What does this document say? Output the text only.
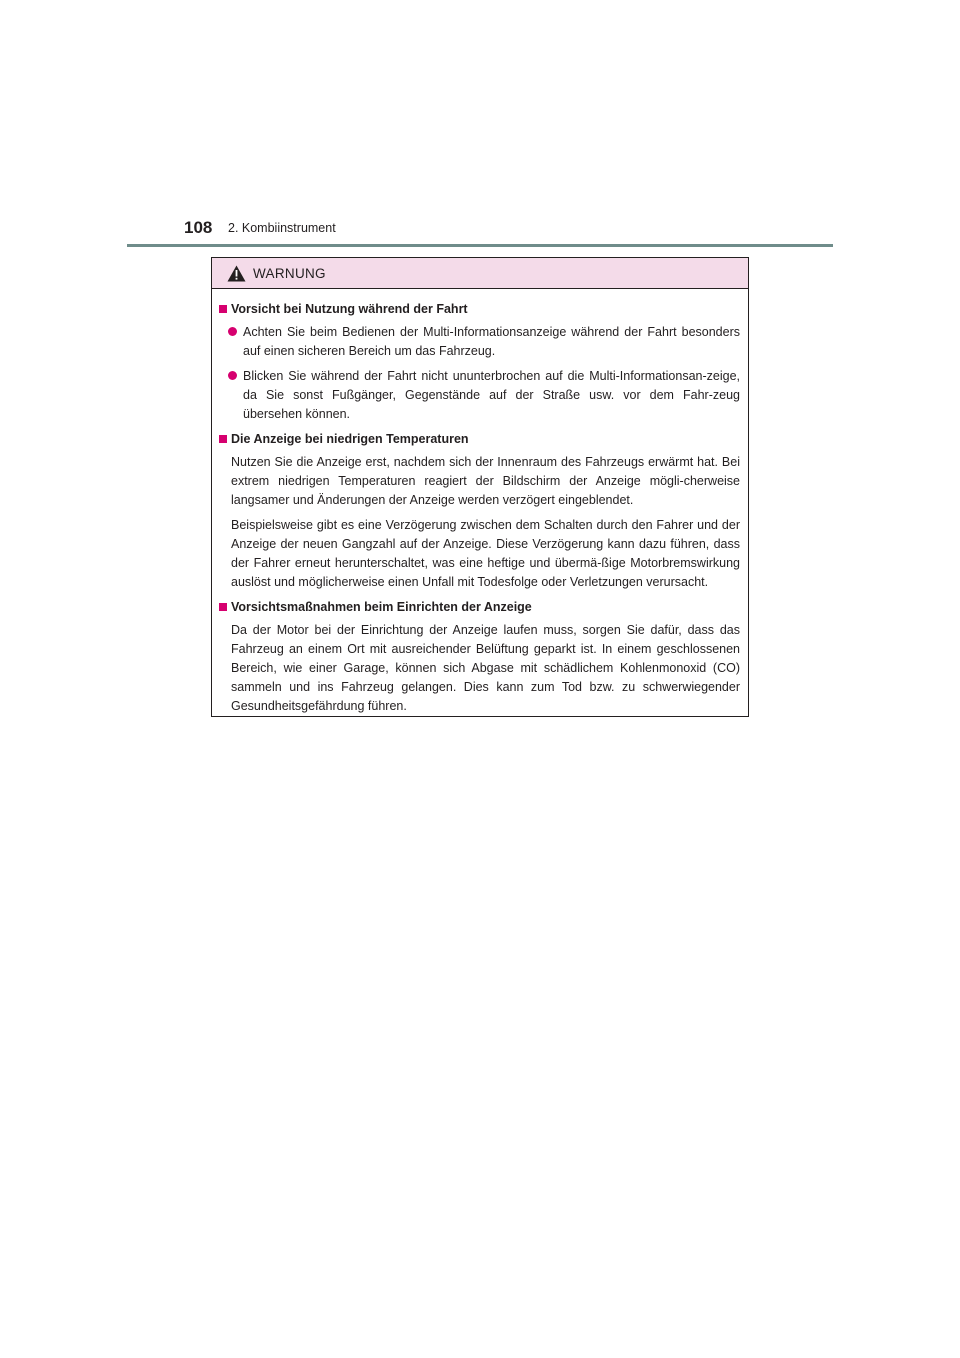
108 2. Kombiinstrument
WARNUNG
Vorsicht bei Nutzung während der Fahrt
Achten Sie beim Bedienen der Multi-Informationsanzeige während der Fahrt besonders auf einen sicheren Bereich um das Fahrzeug.
Blicken Sie während der Fahrt nicht ununterbrochen auf die Multi-Informationsan-zeige, da Sie sonst Fußgänger, Gegenstände auf der Straße usw. vor dem Fahr-zeug übersehen können.
Die Anzeige bei niedrigen Temperaturen
Nutzen Sie die Anzeige erst, nachdem sich der Innenraum des Fahrzeugs erwärmt hat. Bei extrem niedrigen Temperaturen reagiert der Bildschirm der Anzeige mögli-cherweise langsamer und Änderungen der Anzeige werden verzögert eingeblendet.
Beispielsweise gibt es eine Verzögerung zwischen dem Schalten durch den Fahrer und der Anzeige der neuen Gangzahl auf der Anzeige. Diese Verzögerung kann dazu führen, dass der Fahrer erneut herunterschaltet, was eine heftige und übermä-ßige Motorbremswirkung auslöst und möglicherweise einen Unfall mit Todesfolge oder Verletzungen verursacht.
Vorsichtsmaßnahmen beim Einrichten der Anzeige
Da der Motor bei der Einrichtung der Anzeige laufen muss, sorgen Sie dafür, dass das Fahrzeug an einem Ort mit ausreichender Belüftung geparkt ist. In einem geschlossenen Bereich, wie einer Garage, können sich Abgase mit schädlichem Kohlenmonoxid (CO) sammeln und ins Fahrzeug gelangen. Dies kann zum Tod bzw. zu schwerwiegender Gesundheitsgefährdung führen.
